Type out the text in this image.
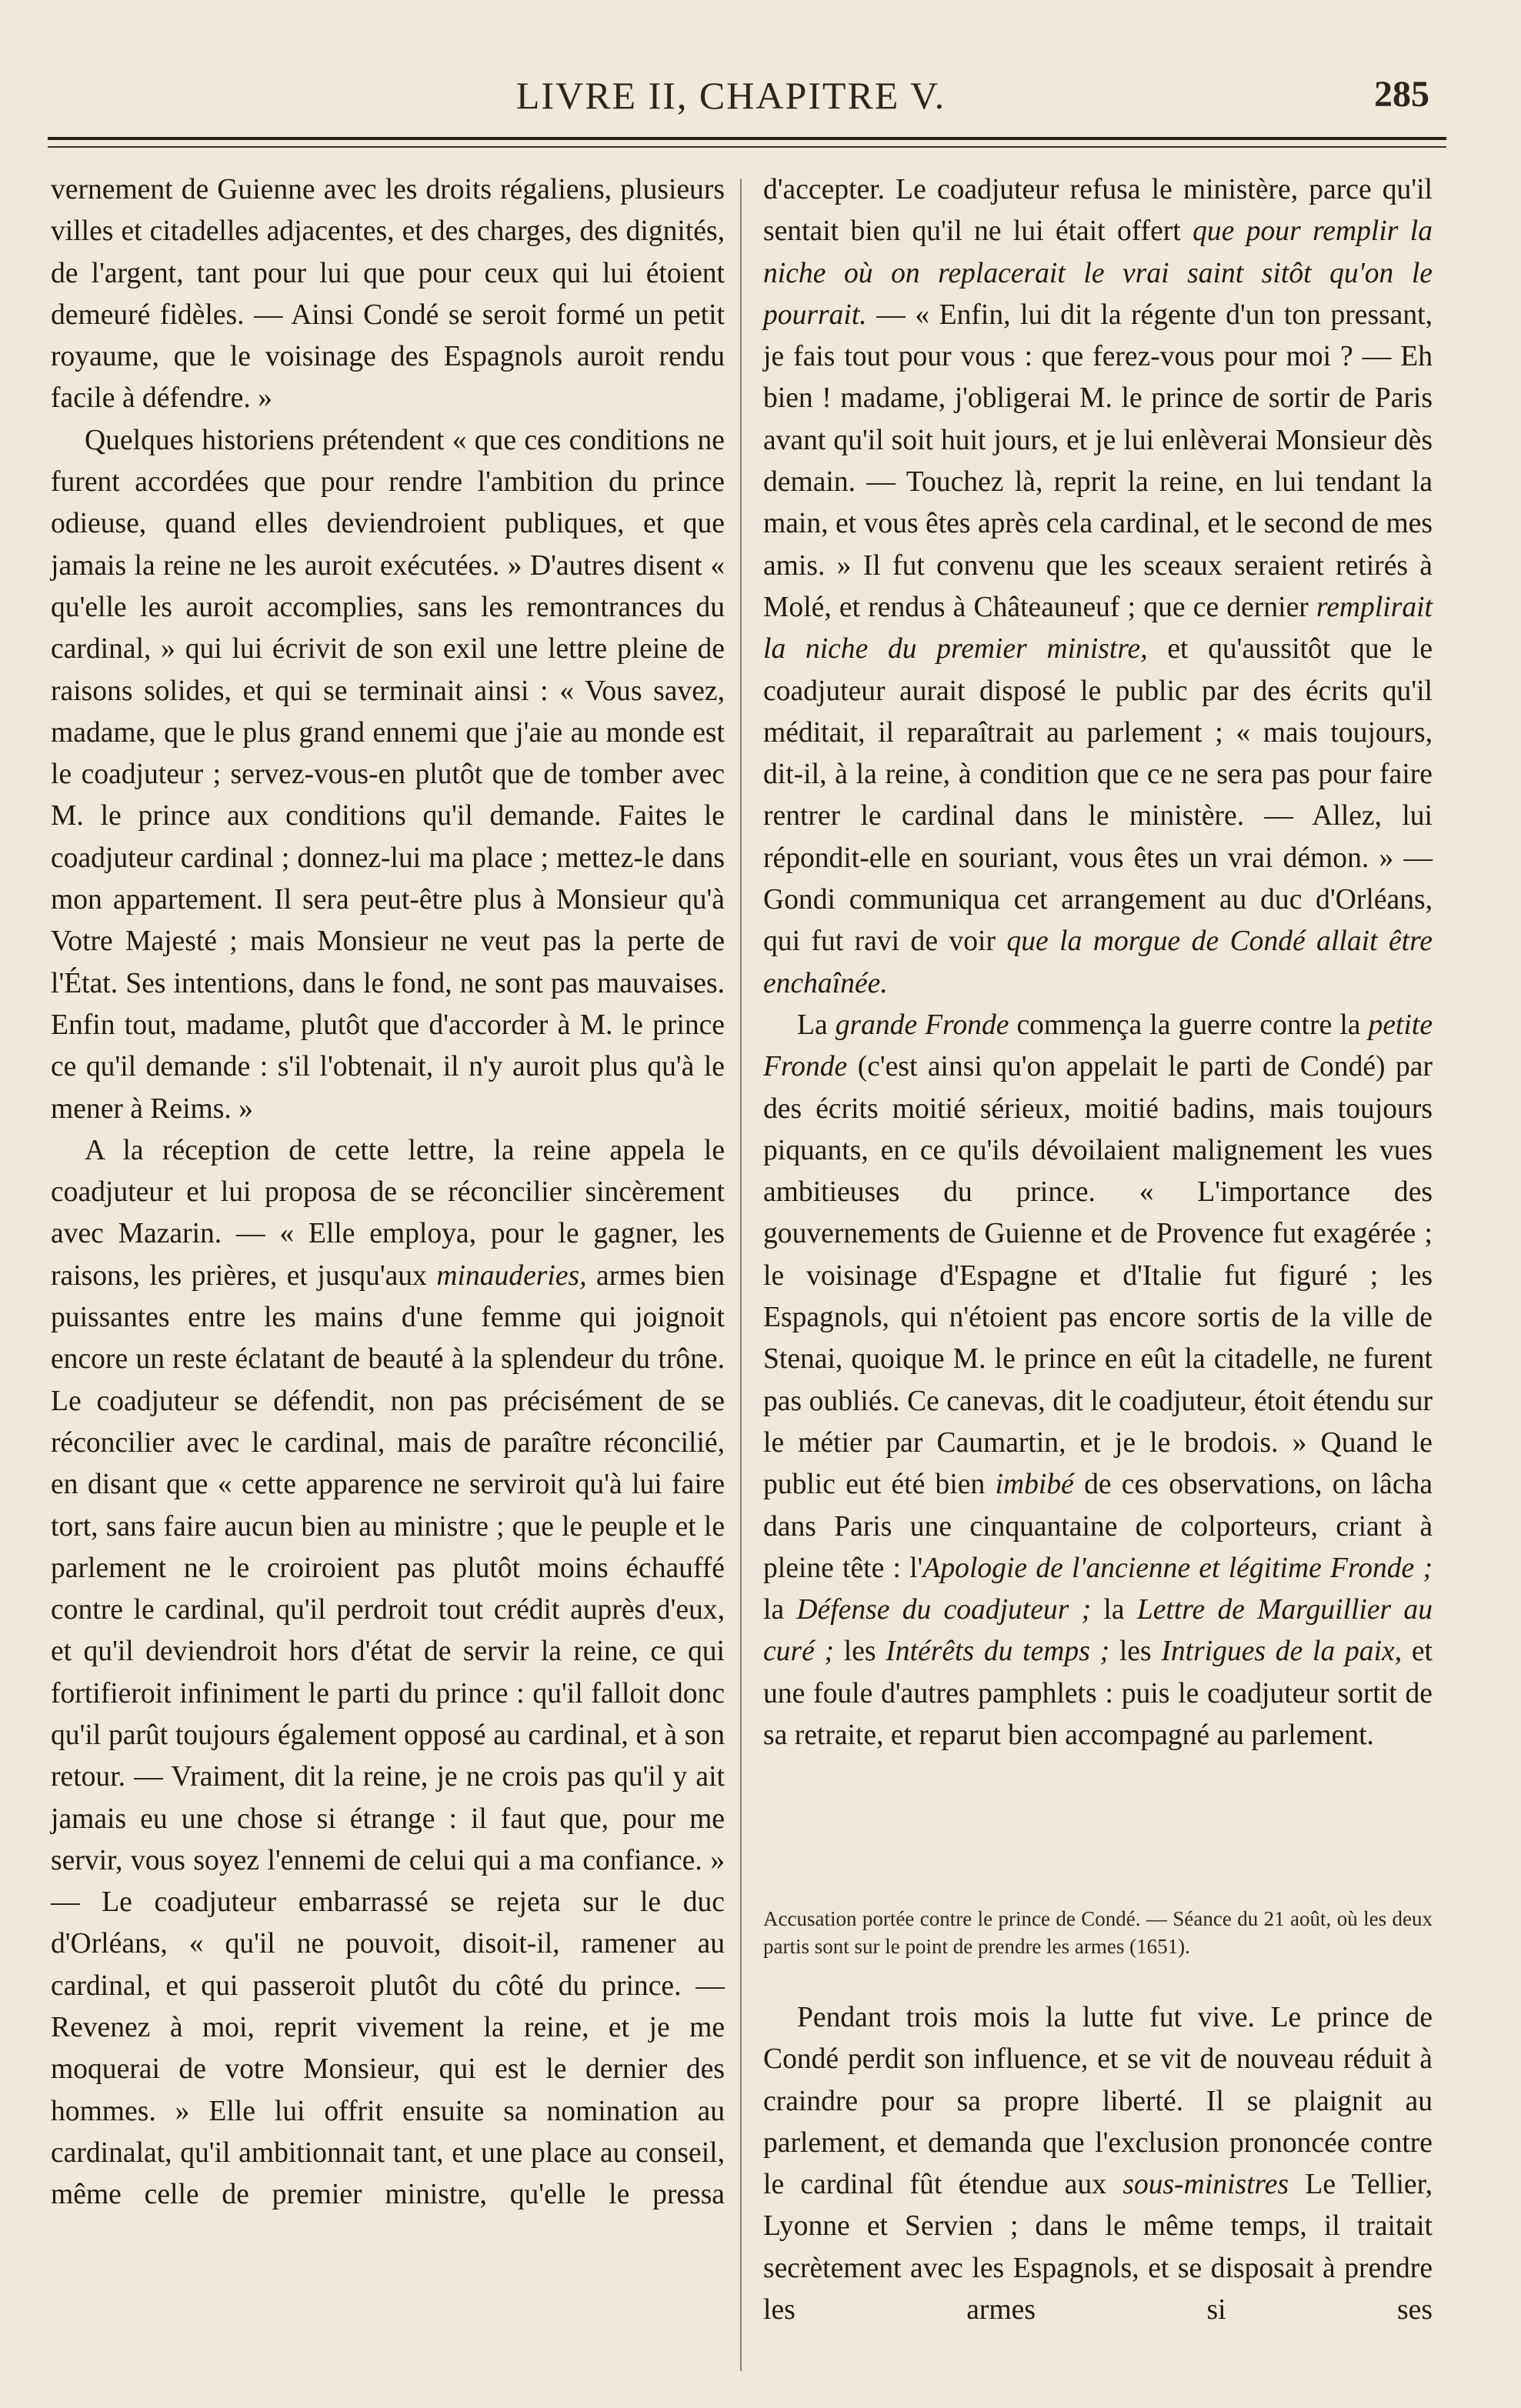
LIVRE II, CHAPITRE V.	285

vernement de Guienne avec les droits régaliens, plusieurs villes et citadelles adjacentes, et des charges, des dignités, de l'argent, tant pour lui que pour ceux qui lui étoient demeuré fidèles. — Ainsi Condé se seroit formé un petit royaume, que le voisinage des Espagnols auroit rendu facile à défendre. »

Quelques historiens prétendent « que ces conditions ne furent accordées que pour rendre l'ambition du prince odieuse, quand elles deviendroient publiques, et que jamais la reine ne les auroit exécutées. » D'autres disent « qu'elle les auroit accomplies, sans les remontrances du cardinal, » qui lui écrivit de son exil une lettre pleine de raisons solides, et qui se terminait ainsi : « Vous savez, madame, que le plus grand ennemi que j'aie au monde est le coadjuteur ; servez-vous-en plutôt que de tomber avec M. le prince aux conditions qu'il demande. Faites le coadjuteur cardinal ; donnez-lui ma place ; mettez-le dans mon appartement. Il sera peut-être plus à Monsieur qu'à Votre Majesté ; mais Monsieur ne veut pas la perte de l'État. Ses intentions, dans le fond, ne sont pas mauvaises. Enfin tout, madame, plutôt que d'accorder à M. le prince ce qu'il demande : s'il l'obtenait, il n'y auroit plus qu'à le mener à Reims. »

A la réception de cette lettre, la reine appela le coadjuteur et lui proposa de se réconcilier sincèrement avec Mazarin. — « Elle employa, pour le gagner, les raisons, les prières, et jusqu'aux minauderies, armes bien puissantes entre les mains d'une femme qui joignoit encore un reste éclatant de beauté à la splendeur du trône. Le coadjuteur se défendit, non pas précisément de se réconcilier avec le cardinal, mais de paraître réconcilié, en disant que « cette apparence ne serviroit qu'à lui faire tort, sans faire aucun bien au ministre ; que le peuple et le parlement ne le croiroient pas plutôt moins échauffé contre le cardinal, qu'il perdroit tout crédit auprès d'eux, et qu'il deviendroit hors d'état de servir la reine, ce qui fortifieroit infiniment le parti du prince : qu'il falloit donc qu'il parût toujours également opposé au cardinal, et à son retour. — Vraiment, dit la reine, je ne crois pas qu'il y ait jamais eu une chose si étrange : il faut que, pour me servir, vous soyez l'ennemi de celui qui a ma confiance. » — Le coadjuteur embarrassé se rejeta sur le duc d'Orléans, « qu'il ne pouvoit, disoit-il, ramener au cardinal, et qui passeroit plutôt du côté du prince. — Revenez à moi, reprit vivement la reine, et je me moquerai de votre Monsieur, qui est le dernier des hommes. » Elle lui offrit ensuite sa nomination au cardinalat, qu'il ambitionnait tant, et une place au conseil, même celle de premier ministre, qu'elle le pressa

d'accepter. Le coadjuteur refusa le ministère, parce qu'il sentait bien qu'il ne lui était offert que pour remplir la niche où on replacerait le vrai saint sitôt qu'on le pourrait. — « Enfin, lui dit la régente d'un ton pressant, je fais tout pour vous : que ferez-vous pour moi ? — Eh bien ! madame, j'obligerai M. le prince de sortir de Paris avant qu'il soit huit jours, et je lui enlèverai Monsieur dès demain. — Touchez là, reprit la reine, en lui tendant la main, et vous êtes après cela cardinal, et le second de mes amis. » Il fut convenu que les sceaux seraient retirés à Molé, et rendus à Châteauneuf ; que ce dernier remplirait la niche du premier ministre, et qu'aussitôt que le coadjuteur aurait disposé le public par des écrits qu'il méditait, il reparaîtrait au parlement ; « mais toujours, dit-il, à la reine, à condition que ce ne sera pas pour faire rentrer le cardinal dans le ministère. — Allez, lui répondit-elle en souriant, vous êtes un vrai démon. » — Gondi communiqua cet arrangement au duc d'Orléans, qui fut ravi de voir que la morgue de Condé allait être enchaînée.

La grande Fronde commença la guerre contre la petite Fronde (c'est ainsi qu'on appelait le parti de Condé) par des écrits moitié sérieux, moitié badins, mais toujours piquants, en ce qu'ils dévoilaient malignement les vues ambitieuses du prince. « L'importance des gouvernements de Guienne et de Provence fut exagérée ; le voisinage d'Espagne et d'Italie fut figuré ; les Espagnols, qui n'étoient pas encore sortis de la ville de Stenai, quoique M. le prince en eût la citadelle, ne furent pas oubliés. Ce canevas, dit le coadjuteur, étoit étendu sur le métier par Caumartin, et je le brodois. » Quand le public eut été bien imbibé de ces observations, on lâcha dans Paris une cinquantaine de colporteurs, criant à pleine tête : l'Apologie de l'ancienne et légitime Fronde ; la Défense du coadjuteur ; la Lettre de Marguillier au curé ; les Intérêts du temps ; les Intrigues de la paix, et une foule d'autres pamphlets : puis le coadjuteur sortit de sa retraite, et reparut bien accompagné au parlement.

Accusation portée contre le prince de Condé. — Séance du 21 août, où les deux partis sont sur le point de prendre les armes (1651).

Pendant trois mois la lutte fut vive. Le prince de Condé perdit son influence, et se vit de nouveau réduit à craindre pour sa propre liberté. Il se plaignit au parlement, et demanda que l'exclusion prononcée contre le cardinal fût étendue aux sous-ministres Le Tellier, Lyonne et Servien ; dans le même temps, il traitait secrètement avec les Espagnols, et se disposait à prendre les armes si ses
